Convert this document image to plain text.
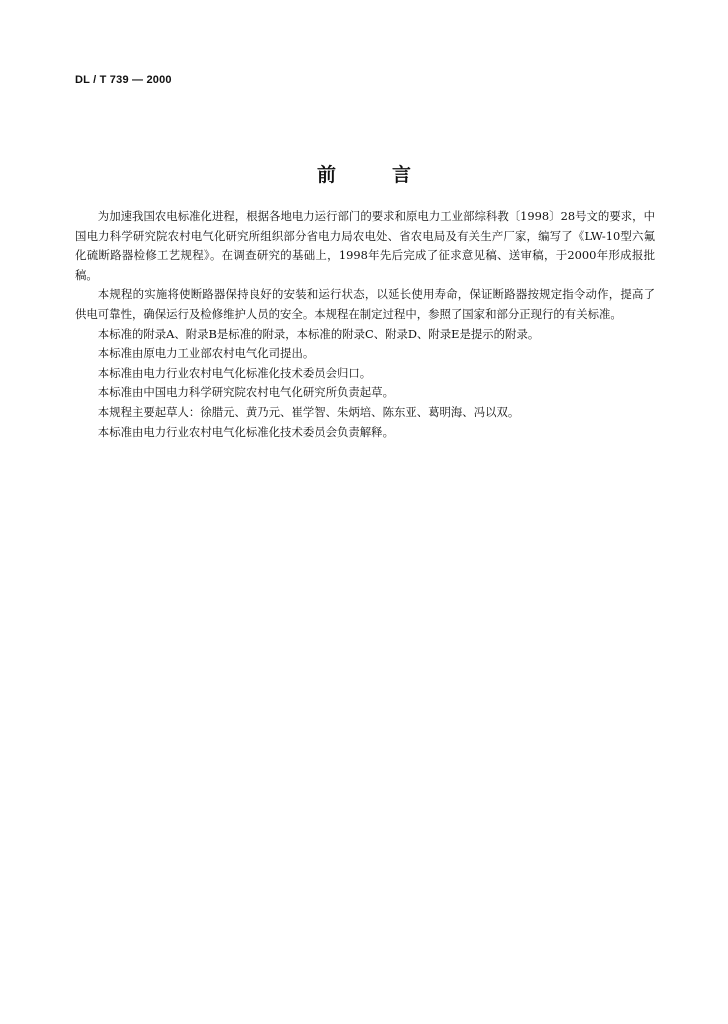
DL / T 739 — 2000
前	言

为加速我国农电标准化进程，根据各地电力运行部门的要求和原电力工业部综科教〔1998〕28号文的要求，中国电力科学研究院农村电气化研究所组织部分省电力局农电处、省农电局及有关生产厂家，编写了《LW-10型六氟化硫断路器检修工艺规程》。在调查研究的基础上，1998年先后完成了征求意见稿、送审稿，于2000年形成报批稿。

本规程的实施将使断路器保持良好的安装和运行状态，以延长使用寿命，保证断路器按规定指令动作，提高了供电可靠性，确保运行及检修维护人员的安全。本规程在制定过程中，参照了国家和部分正现行的有关标准。

本标准的附录A、附录B是标准的附录，本标准的附录C、附录D、附录E是提示的附录。

本标准由原电力工业部农村电气化司提出。

本标准由电力行业农村电气化标准化技术委员会归口。

本标准由中国电力科学研究院农村电气化研究所负责起草。

本规程主要起草人：徐腊元、黄乃元、崔学智、朱炳培、陈东亚、葛明海、冯以双。

本标准由电力行业农村电气化标准化技术委员会负责解释。
